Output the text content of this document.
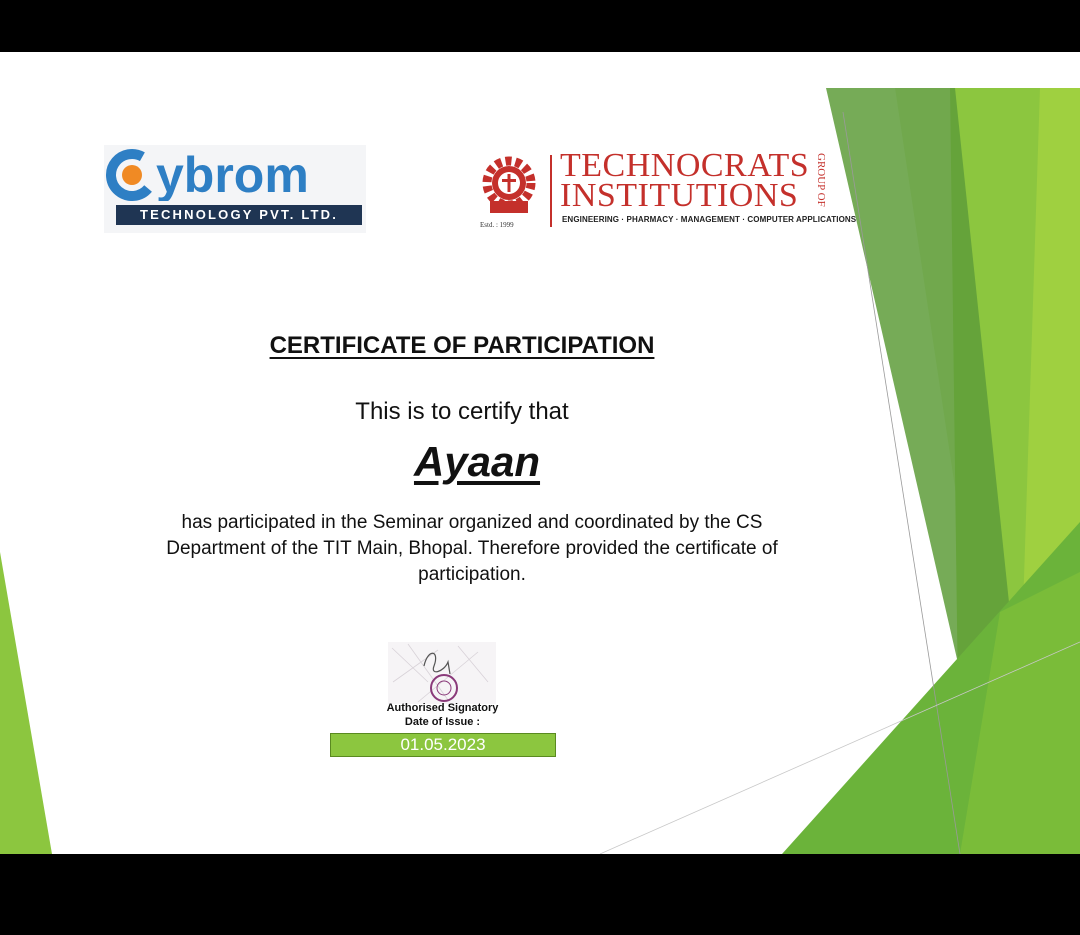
ybrom
TECHNOLOGY PVT. LTD.
Estd. : 1999
TECHNOCRATS
INSTITUTIONS GROUP OF
ENGINEERING · PHARMACY · MANAGEMENT · COMPUTER APPLICATIONS
CERTIFICATE OF PARTICIPATION
This is to certify that
Ayaan
has participated in the Seminar organized and coordinated by the CS Department of the TIT Main, Bhopal. Therefore provided the certificate of participation.
Authorised Signatory
Date of Issue :
01.05.2023
